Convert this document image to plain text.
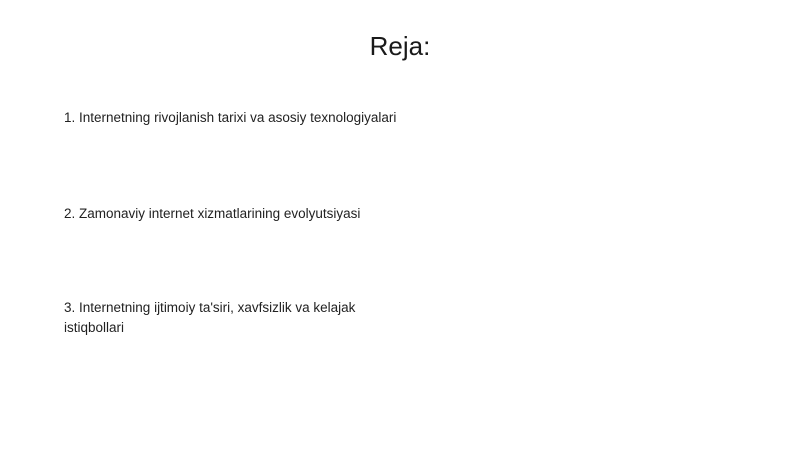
Reja:
1. Internetning rivojlanish tarixi va asosiy texnologiyalari
2. Zamonaviy internet xizmatlarining evolyutsiyasi
3. Internetning ijtimoiy ta'siri, xavfsizlik va kelajak istiqbollari
